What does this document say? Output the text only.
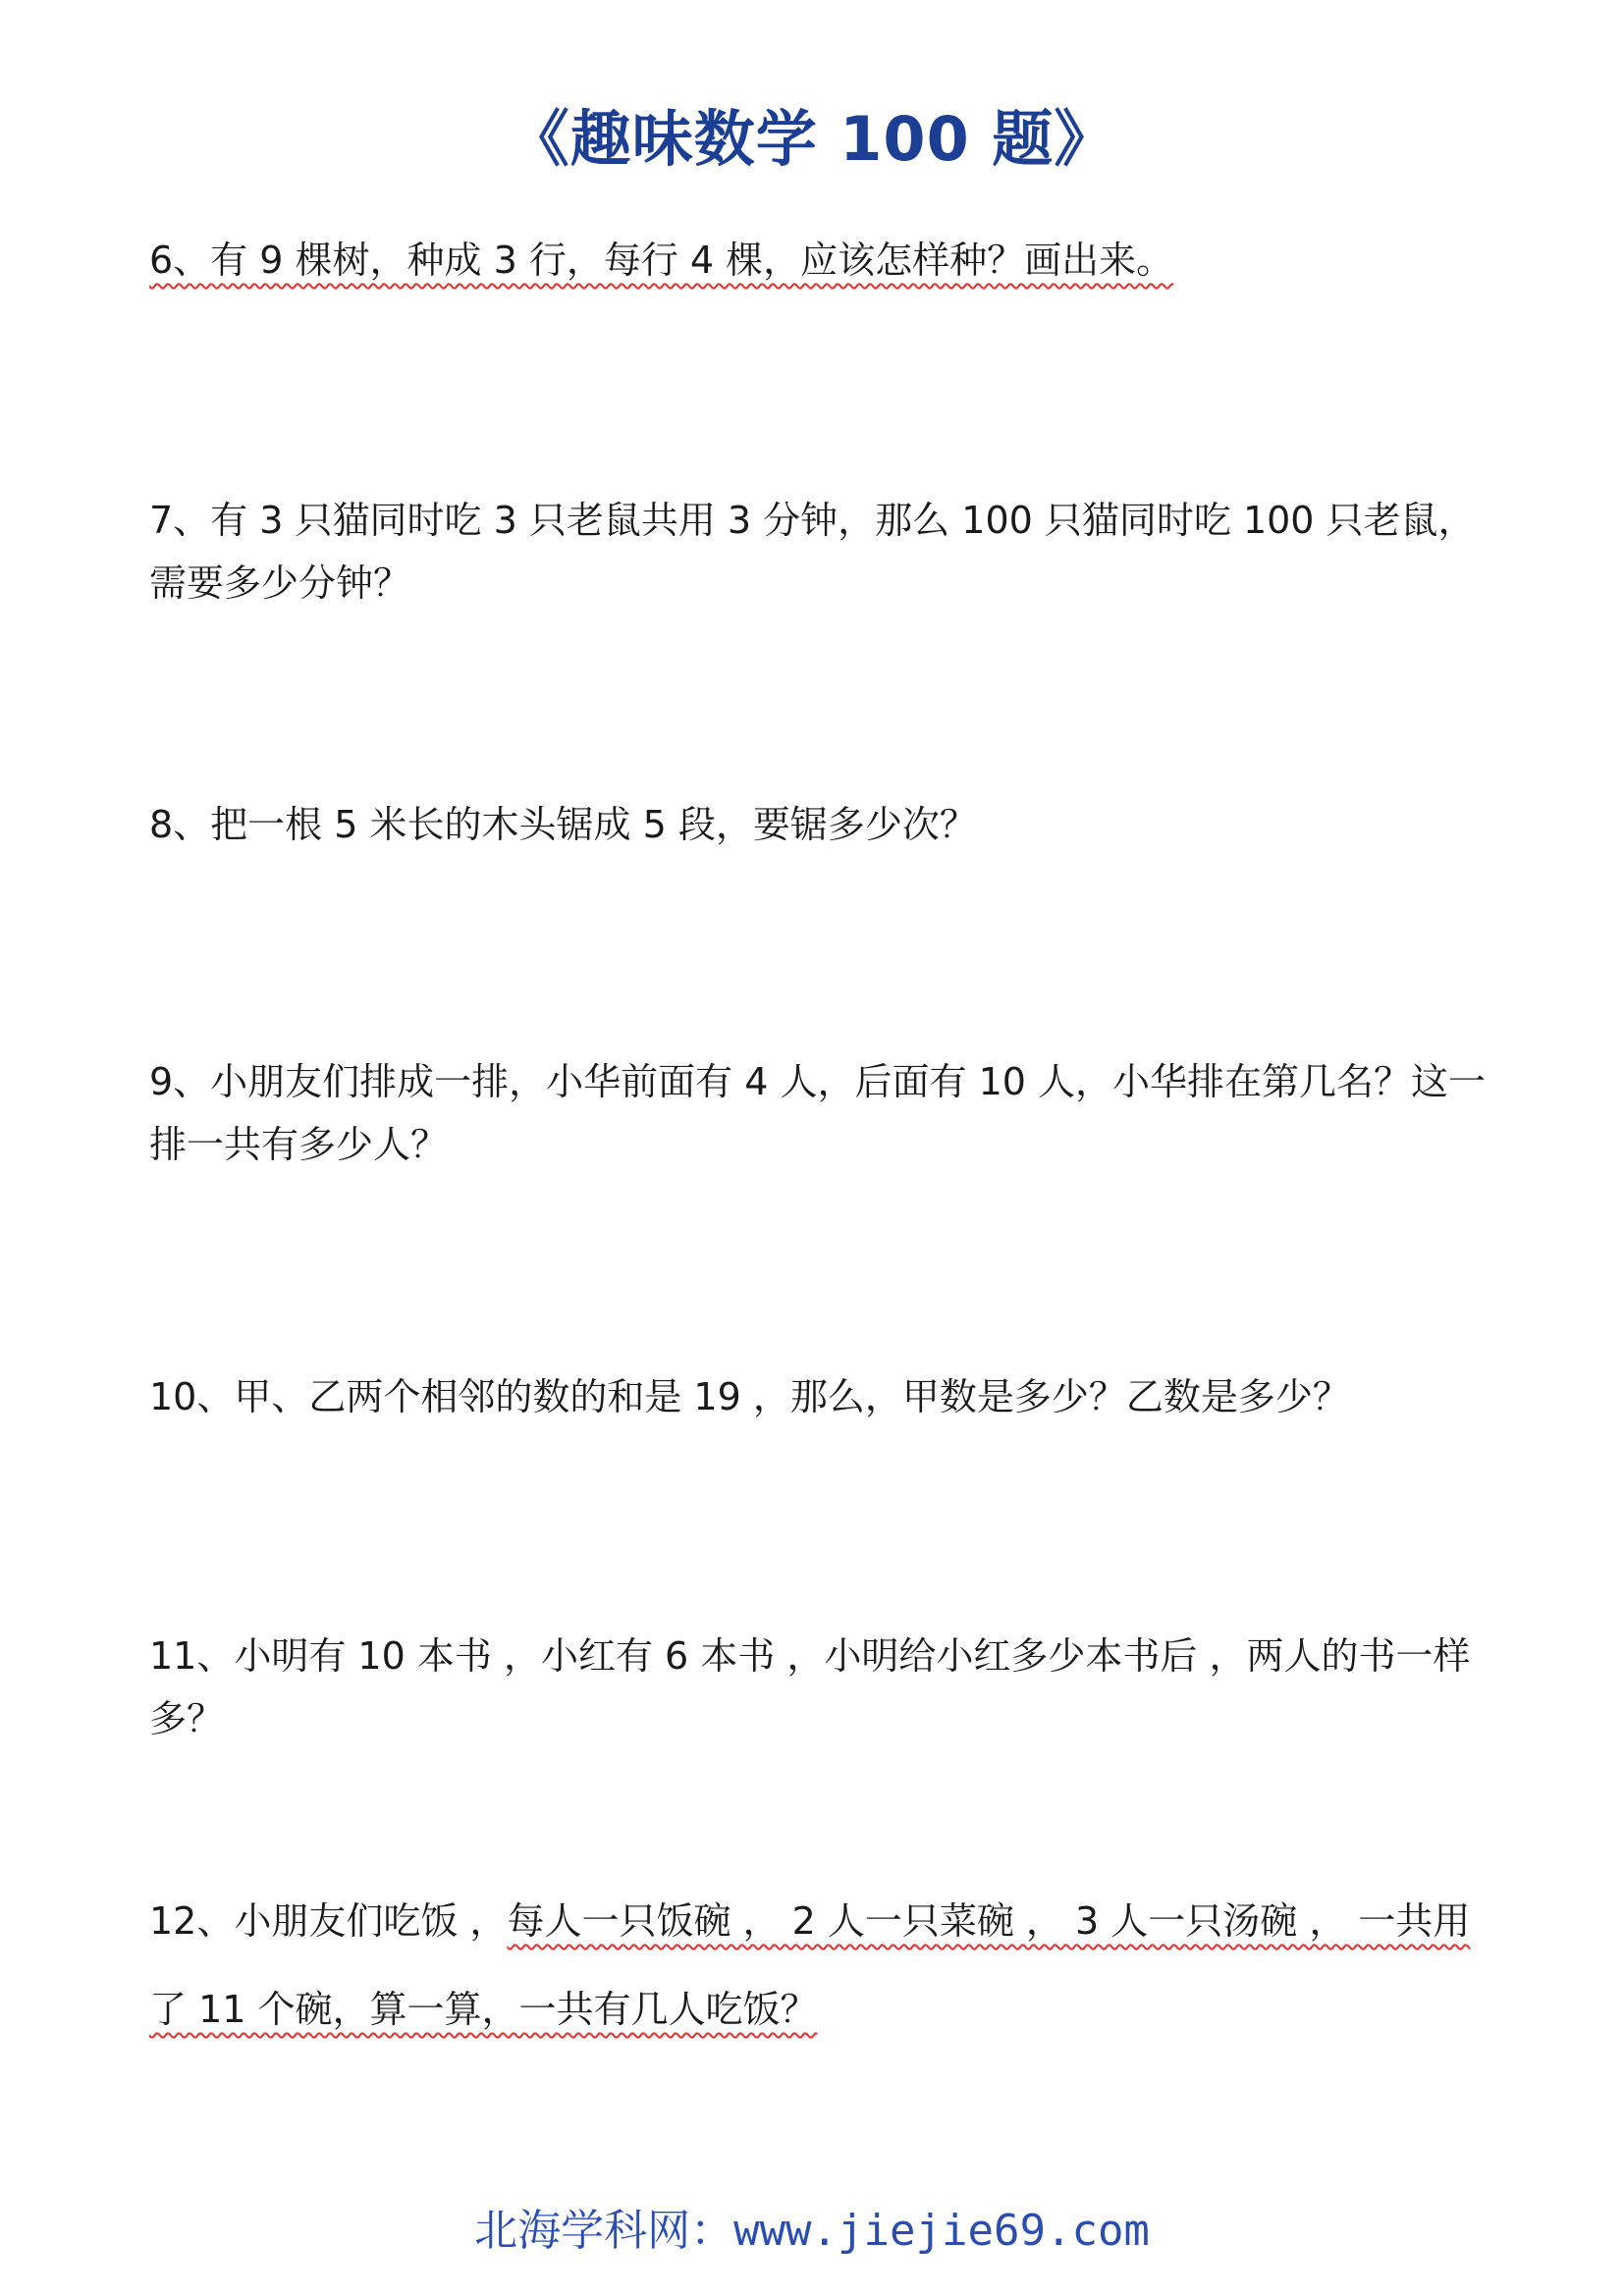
《趣味数学 100 题》

6、有 9 棵树，种成 3 行，每行 4 棵，应该怎样种？画出来。

7、有 3 只猫同时吃 3 只老鼠共用 3 分钟，那么 100 只猫同时吃 100 只老鼠，需要多少分钟？

8、把一根 5 米长的木头锯成 5 段，要锯多少次？

9、小朋友们排成一排，小华前面有 4 人，后面有 10 人，小华排在第几名？这一排一共有多少人？

10、甲、乙两个相邻的数的和是 19 ，那么，甲数是多少？乙数是多少？

11、小明有 10 本书 ，小红有 6 本书 ，小明给小红多少本书后 ，两人的书一样多？

12、小朋友们吃饭 ，每人一只饭碗 ， 2 人一只菜碗 ， 3 人一只汤碗 ， 一共用了 11 个碗，算一算，一共有几人吃饭？

北海学科网：www.jiejie69.com
